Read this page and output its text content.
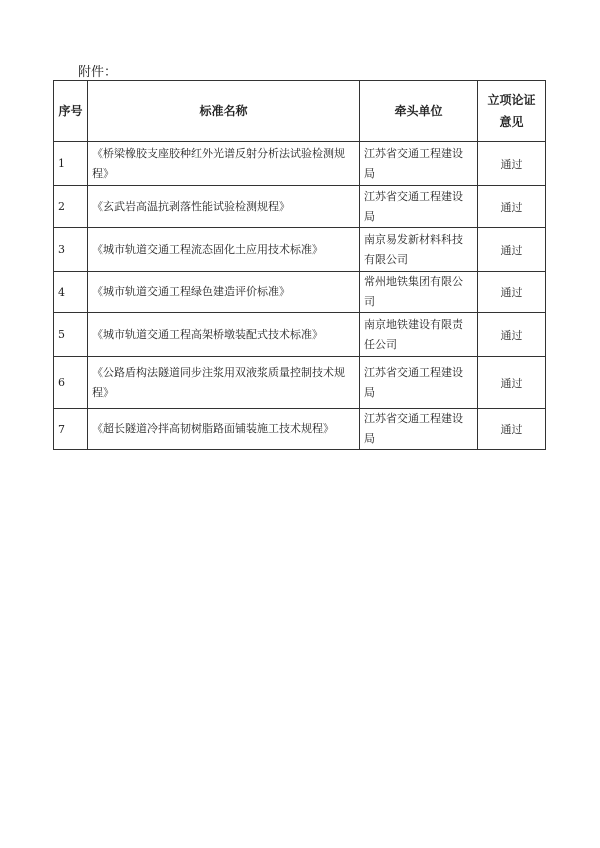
附件：
序号	标准名称	牵头单位	立项论证
意见

1	《桥梁橡胶支座胶种红外光谱反射分析法试验检测规程》	江苏省交通工程建设局	通过
2	《玄武岩高温抗剥落性能试验检测规程》	江苏省交通工程建设局	通过
3	《城市轨道交通工程流态固化土应用技术标准》	南京易发新材料科技有限公司	通过
4	《城市轨道交通工程绿色建造评价标准》	常州地铁集团有限公司	通过
5	《城市轨道交通工程高架桥墩装配式技术标准》	南京地铁建设有限责任公司	通过
6	《公路盾构法隧道同步注浆用双液浆质量控制技术规程》	江苏省交通工程建设局	通过
7	《超长隧道冷拌高韧树脂路面铺装施工技术规程》	江苏省交通工程建设局	通过
